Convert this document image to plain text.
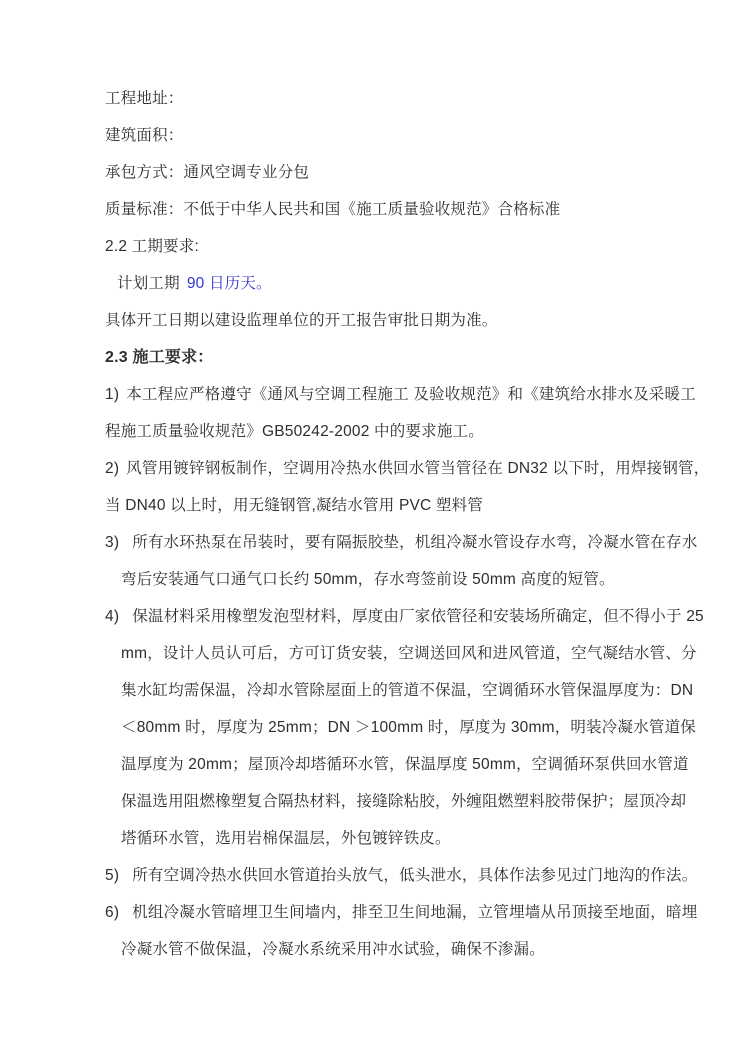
工程地址：
建筑面积：
承包方式：通风空调专业分包
质量标准：不低于中华人民共和国《施工质量验收规范》合格标准
2.2 工期要求:
计划工期 90 日历天。
具体开工日期以建设监理单位的开工报告审批日期为准。
2.3 施工要求：
1) 本工程应严格遵守《通风与空调工程施工 及验收规范》和《建筑给水排水及采暖工
程施工质量验收规范》GB50242-2002 中的要求施工。
2) 风管用镀锌钢板制作，空调用冷热水供回水管当管径在 DN32 以下时，用焊接钢管，
当 DN40 以上时，用无缝钢管,凝结水管用 PVC 塑料管
3) 所有水环热泵在吊装时，要有隔振胶垫，机组冷凝水管设存水弯，冷凝水管在存水
弯后安装通气口通气口长约 50mm，存水弯签前设 50mm 高度的短管。
4) 保温材料采用橡塑发泡型材料，厚度由厂家依管径和安装场所确定，但不得小于 25
mm，设计人员认可后，方可订货安装，空调送回风和进风管道，空气凝结水管、分
集水缸均需保温，冷却水管除屋面上的管道不保温，空调循环水管保温厚度为：DN
＜80mm 时，厚度为 25mm；DN ＞100mm 时，厚度为 30mm，明装冷凝水管道保
温厚度为 20mm；屋顶冷却塔循环水管，保温厚度 50mm，空调循环泵供回水管道
保温选用阻燃橡塑复合隔热材料，接缝除粘胶，外缠阻燃塑料胶带保护；屋顶冷却
塔循环水管，选用岩棉保温层，外包镀锌铁皮。
5) 所有空调冷热水供回水管道抬头放气，低头泄水，具体作法参见过门地沟的作法。
6) 机组冷凝水管暗埋卫生间墙内，排至卫生间地漏，立管埋墙从吊顶接至地面，暗埋
冷凝水管不做保温，冷凝水系统采用冲水试验，确保不渗漏。
